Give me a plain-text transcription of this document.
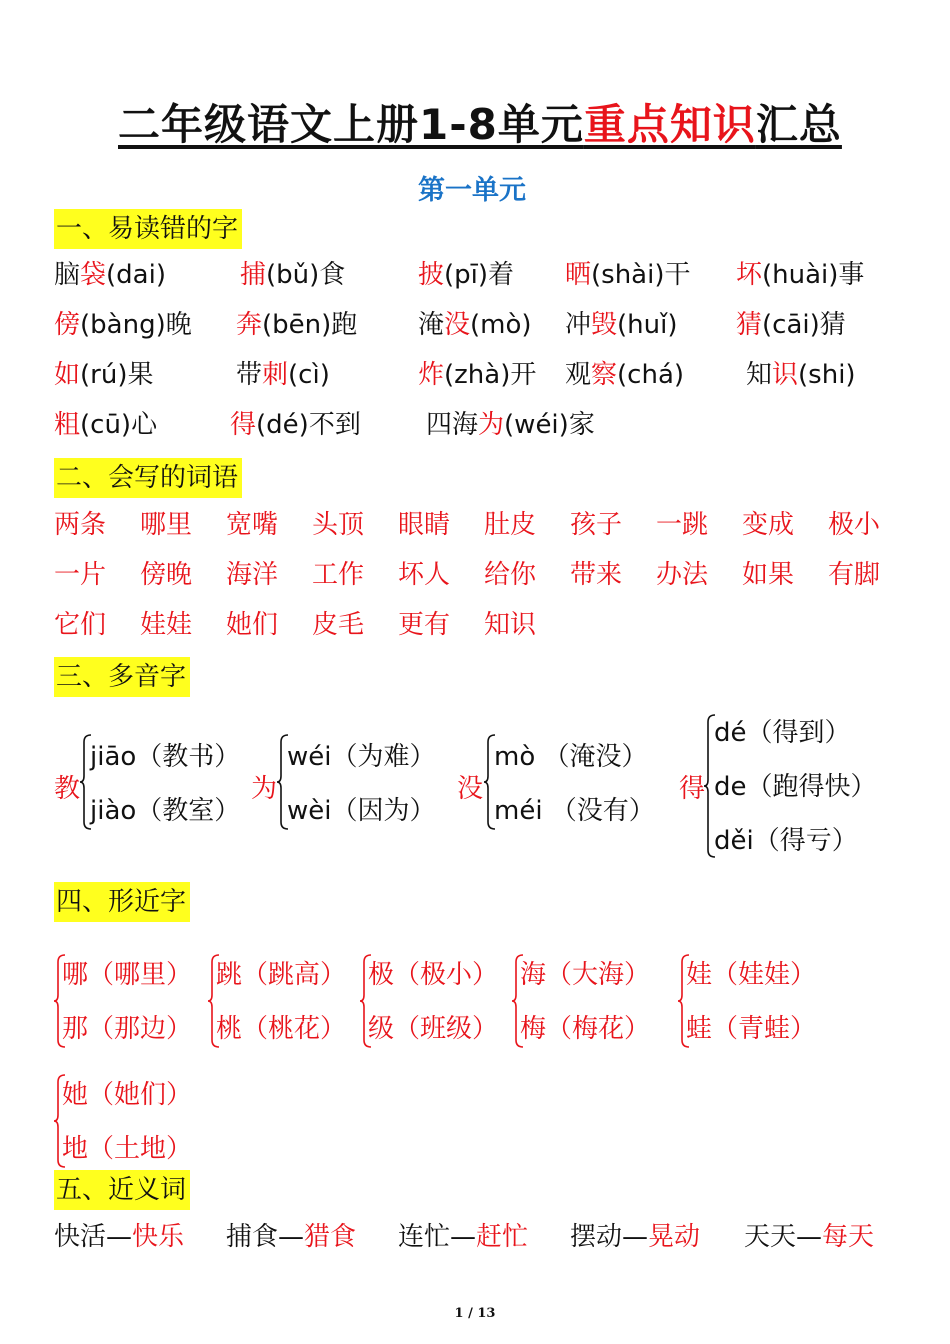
二年级语文上册1-8单元重点知识汇总
第一单元
一、易读错的字
脑袋(dai)	捕(bǔ)食	披(pī)着 晒(shài)干 坏(huài)事
傍(bàng)晚 奔(bēn)跑 淹没(mò) 冲毁(huǐ) 猜(cāi)猜
如(rú)果	带刺(cì)	炸(zhà)开 观察(chá) 知识(shi)
粗(cū)心	得(dé)不到	四海为(wéi)家
二、会写的词语
两条 哪里 宽嘴 头顶 眼睛 肚皮 孩子 一跳 变成 极小
一片 傍晚 海洋 工作 坏人 给你 带来 办法 如果 有脚
它们 娃娃 她们 皮毛 更有 知识
三、多音字
教
jiāo（教书）
jiào（教室）
为
wéi（为难）
wèi（因为）
没
mò （淹没）
méi （没有）
得
dé（得到）
de（跑得快）
děi（得亏）
四、形近字
哪（哪里）
那（那边）
跳（跳高）
桃（桃花）
极（极小）
级（班级）
海（大海）
梅（梅花）
娃（娃娃）
蛙（青蛙）
她（她们）
地（土地）
五、近义词
快活—快乐 捕食—猎食 连忙—赶忙 摆动—晃动 天天—每天
1 / 13
